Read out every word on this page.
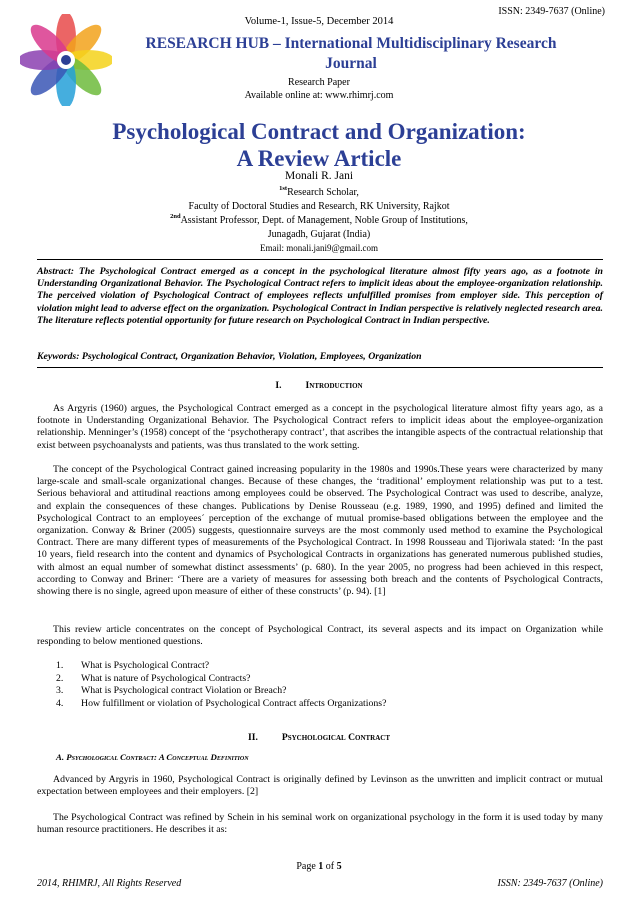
ISSN: 2349-7637 (Online)
Volume-1, Issue-5, December 2014
RESEARCH HUB – International Multidisciplinary Research Journal
Research Paper
Available online at: www.rhimrj.com
Psychological Contract and Organization:
A Review Article
Monali R. Jani
$^{1st}$Research Scholar,
Faculty of Doctoral Studies and Research, RK University, Rajkot
$^{2nd}$Assistant Professor, Dept. of Management, Noble Group of Institutions,
Junagadh, Gujarat (India)
Email: monali.jani9@gmail.com
Abstract: The Psychological Contract emerged as a concept in the psychological literature almost fifty years ago, as a footnote in Understanding Organizational Behavior. The Psychological Contract refers to implicit ideas about the employee-organization relationship. The perceived violation of Psychological Contract of employees reflects unfulfilled promises from employer side. This perception of violation might lead to adverse effect on the organization. Psychological Contract in Indian perspective is relatively neglected research area. The literature reflects potential opportunity for future research on Psychological Contract in Indian perspective.
Keywords: Psychological Contract, Organization Behavior, Violation, Employees, Organization
I.	Introduction
As Argyris (1960) argues, the Psychological Contract emerged as a concept in the psychological literature almost fifty years ago, as a footnote in Understanding Organizational Behavior. The Psychological Contract refers to implicit ideas about the employee-organization relationship. Menninger’s (1958) concept of the ‘psychotherapy contract’, that ascribes the intangible aspects of the contractual relationship that exist between psychoanalysts and patients, was thus translated to the work setting.
The concept of the Psychological Contract gained increasing popularity in the 1980s and 1990s.These years were characterized by many large-scale and small-scale organizational changes. Because of these changes, the ‘traditional’ employment relationship was put to a test. Serious behavioral and attitudinal reactions among employees could be observed. The Psychological Contract was used to describe, analyze, and explain the consequences of these changes. Publications by Denise Rousseau (e.g. 1989, 1990, and 1995) defined and limited the Psychological Contract to an employees´ perception of the exchange of mutual promise-based obligations between the employee and the organization. Conway & Briner (2005) suggests, questionnaire surveys are the most commonly used method to examine the Psychological Contract. There are many different types of measurements of the Psychological Contract. In 1998 Rousseau and Tijoriwala stated: ‘In the past 10 years, field research into the content and dynamics of Psychological Contracts in organizations has generated numerous published studies, with almost an equal number of somewhat distinct assessments’ (p. 680). In the year 2005, no progress had been achieved in this respect, according to Conway and Briner: ‘There are a variety of measures for assessing both breach and the contents of Psychological Contracts, showing there is no single, agreed upon measure of either of these constructs’ (p. 94). [1]
This review article concentrates on the concept of Psychological Contract, its several aspects and its impact on Organization while responding to below mentioned questions.
1. What is Psychological Contract?
2. What is nature of Psychological Contracts?
3. What is Psychological contract Violation or Breach?
4. How fulfillment or violation of Psychological Contract affects Organizations?
II.	Psychological Contract
A. Psychological Contract: A Conceptual Definition
Advanced by Argyris in 1960, Psychological Contract is originally defined by Levinson as the unwritten and implicit contract or mutual expectation between employees and their employers. [2]
The Psychological Contract was refined by Schein in his seminal work on organizational psychology in the form it is used today by many human resource practitioners. He describes it as:
Page 1 of 5
2014, RHIMRJ, All Rights Reserved	ISSN: 2349-7637 (Online)
